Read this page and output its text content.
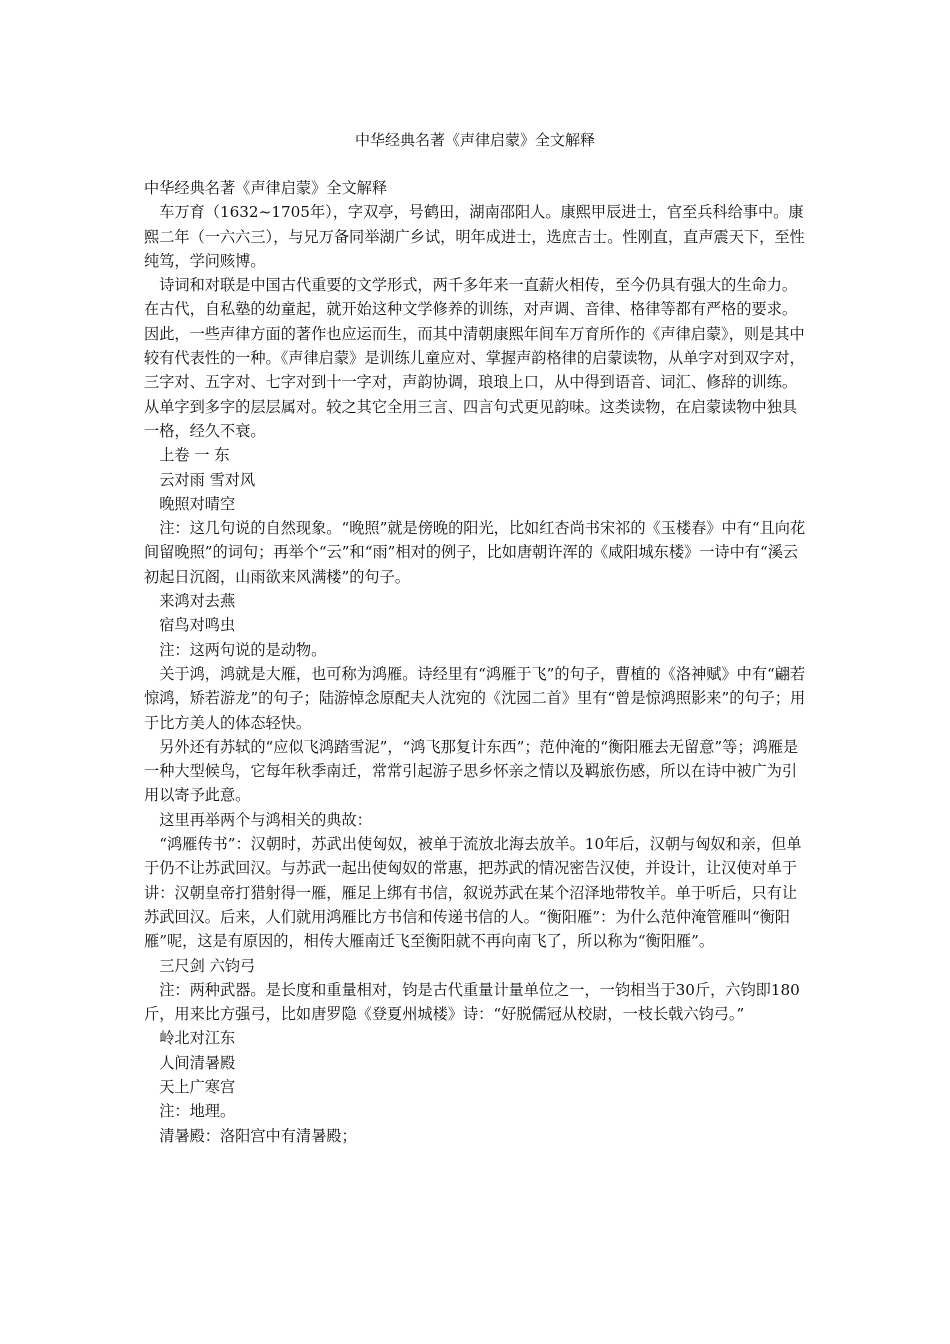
中华经典名著《声律启蒙》全文解释

中华经典名著《声律启蒙》全文解释

车万育（1632~1705年），字双亭，号鹤田，湖南邵阳人。康熙甲辰进士，官至兵科给事中。康熙二年（一六六三），与兄万备同举湖广乡试，明年成进士，选庶吉士。性刚直，直声震天下，至性纯笃，学问赅博。

诗词和对联是中国古代重要的文学形式，两千多年来一直薪火相传，至今仍具有强大的生命力。在古代，自私塾的幼童起，就开始这种文学修养的训练，对声调、音律、格律等都有严格的要求。因此，一些声律方面的著作也应运而生，而其中清朝康熙年间车万育所作的《声律启蒙》，则是其中较有代表性的一种。《声律启蒙》是训练儿童应对、掌握声韵格律的启蒙读物，从单字对到双字对，三字对、五字对、七字对到十一字对，声韵协调，琅琅上口，从中得到语音、词汇、修辞的训练。从单字到多字的层层属对。较之其它全用三言、四言句式更见韵味。这类读物，在启蒙读物中独具一格，经久不衰。

上卷 一 东

云对雨 雪对风

晚照对晴空

注：这几句说的自然现象。“晚照”就是傍晚的阳光，比如红杏尚书宋祁的《玉楼春》中有“且向花间留晚照”的词句；再举个“云”和“雨”相对的例子，比如唐朝许浑的《咸阳城东楼》一诗中有“溪云初起日沉阁，山雨欲来风满楼”的句子。

来鸿对去燕

宿鸟对鸣虫

注：这两句说的是动物。

关于鸿，鸿就是大雁，也可称为鸿雁。诗经里有“鸿雁于飞”的句子，曹植的《洛神赋》中有“翩若惊鸿，矫若游龙”的句子；陆游悼念原配夫人沈宛的《沈园二首》里有“曾是惊鸿照影来”的句子；用于比方美人的体态轻快。

另外还有苏轼的“应似飞鸿踏雪泥”，“鸿飞那复计东西”；范仲淹的“衡阳雁去无留意”等；鸿雁是一种大型候鸟，它每年秋季南迁，常常引起游子思乡怀亲之情以及羁旅伤感，所以在诗中被广为引用以寄予此意。

这里再举两个与鸿相关的典故：

“鸿雁传书”：汉朝时，苏武出使匈奴，被单于流放北海去放羊。10年后，汉朝与匈奴和亲，但单于仍不让苏武回汉。与苏武一起出使匈奴的常惠，把苏武的情况密告汉使，并设计，让汉使对单于讲：汉朝皇帝打猎射得一雁，雁足上绑有书信，叙说苏武在某个沼泽地带牧羊。单于听后，只有让苏武回汉。后来，人们就用鸿雁比方书信和传递书信的人。“衡阳雁”：为什么范仲淹管雁叫“衡阳雁”呢，这是有原因的，相传大雁南迁飞至衡阳就不再向南飞了，所以称为“衡阳雁”。

三尺剑 六钧弓

注：两种武器。是长度和重量相对，钧是古代重量计量单位之一，一钧相当于30斤，六钧即180斤，用来比方强弓，比如唐罗隐《登夏州城楼》诗：“好脱儒冠从校尉，一枝长戟六钧弓。”

岭北对江东

人间清暑殿

天上广寒宫

注：地理。

清暑殿：洛阳宫中有清暑殿；
